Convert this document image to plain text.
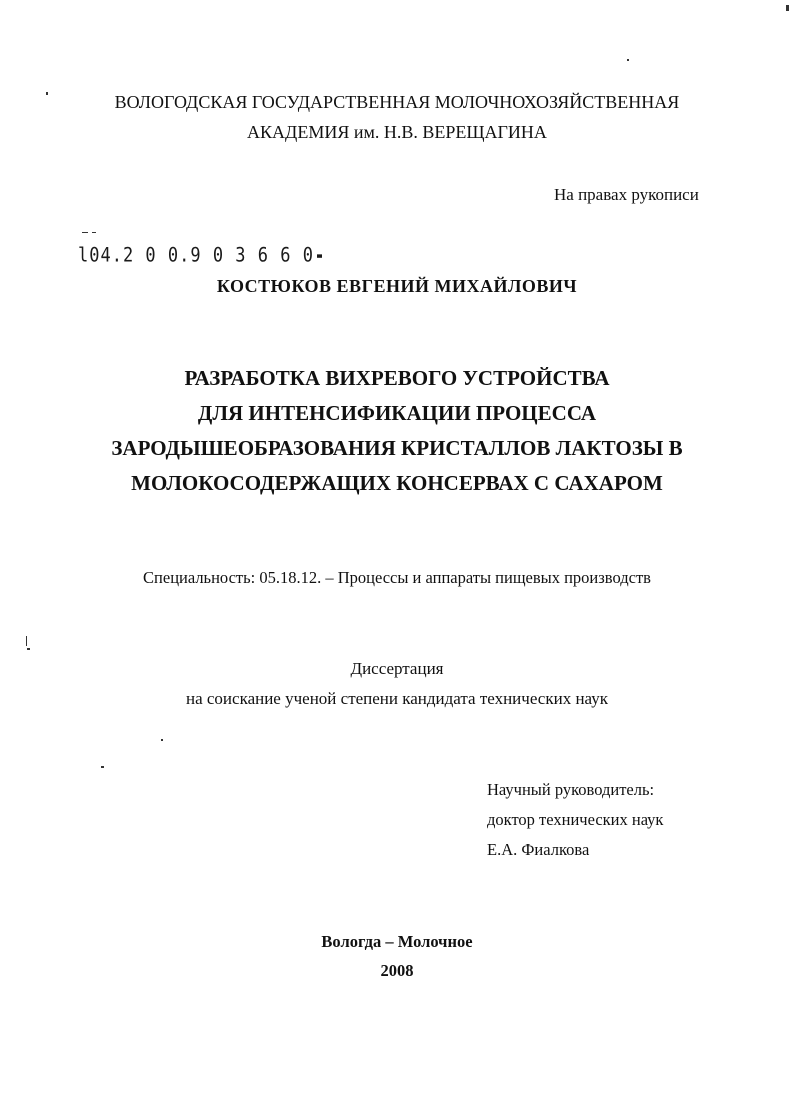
ВОЛОГОДСКАЯ ГОСУДАРСТВЕННАЯ МОЛОЧНОХОЗЯЙСТВЕННАЯ
АКАДЕМИЯ им. Н.В. ВЕРЕЩАГИНА
На правах рукописи
l04.2 0 0.9 0 3 6 6 0
КОСТЮКОВ ЕВГЕНИЙ МИХАЙЛОВИЧ
РАЗРАБОТКА ВИХРЕВОГО УСТРОЙСТВА
ДЛЯ ИНТЕНСИФИКАЦИИ ПРОЦЕССА
ЗАРОДЫШЕОБРАЗОВАНИЯ КРИСТАЛЛОВ ЛАКТОЗЫ В
МОЛОКОСОДЕРЖАЩИХ КОНСЕРВАХ С САХАРОМ
Специальность: 05.18.12. – Процессы и аппараты пищевых производств
Диссертация
на соискание ученой степени кандидата технических наук
Научный руководитель:
доктор технических наук
Е.А. Фиалкова
Вологда – Молочное
2008
